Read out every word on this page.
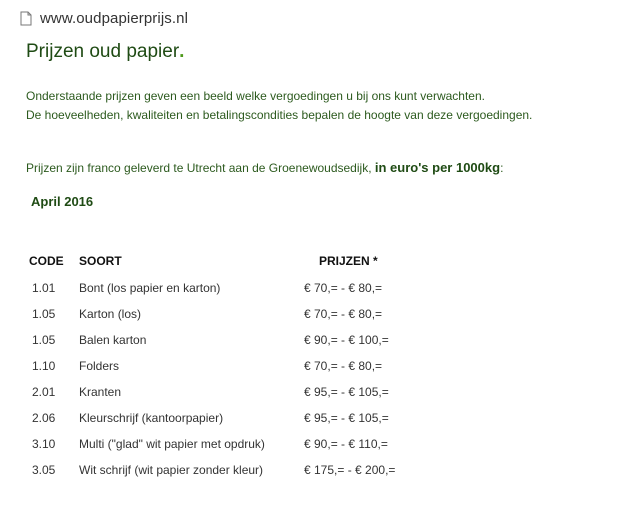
www.oudpapierprijs.nl
Prijzen oud papier.
Onderstaande prijzen geven een beeld welke vergoedingen u bij ons kunt verwachten.
De hoeveelheden, kwaliteiten en betalingscondities bepalen de hoogte van deze vergoedingen.
Prijzen zijn franco geleverd te Utrecht aan de Groenewoudsedijk, in euro's per 1000kg:
April 2016
CODE SOORT	PRIJZEN *
1.01 Bont (los papier en karton)	€ 70,= - € 80,=
1.05 Karton (los)	€ 70,= - € 80,=
1.05 Balen karton	€ 90,= - € 100,=
1.10 Folders	€ 70,= - € 80,=
2.01 Kranten	€ 95,= - € 105,=
2.06 Kleurschrijf (kantoorpapier)	€ 95,= - € 105,=
3.10 Multi ("glad" wit papier met opdruk)	€ 90,= - € 110,=
3.05 Wit schrijf (wit papier zonder kleur)	€ 175,= - € 200,=
